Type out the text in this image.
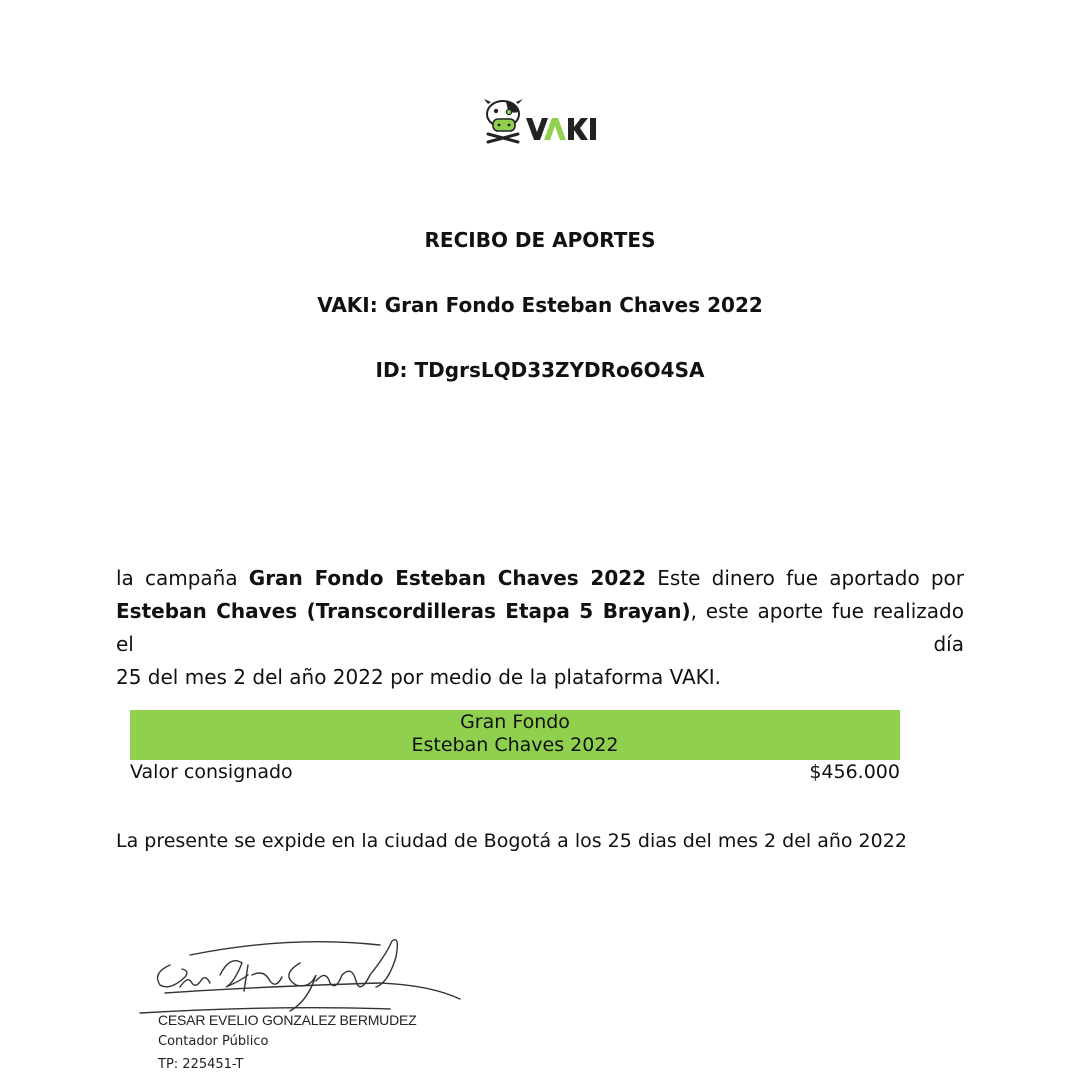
RECIBO DE APORTES
VAKI: Gran Fondo Esteban Chaves 2022
ID: TDgrsLQD33ZYDRo6O4SA
la campaña Gran Fondo Esteban Chaves 2022 Este dinero fue aportado por
Esteban Chaves (Transcordilleras Etapa 5 Brayan), este aporte fue realizado el día
25 del mes 2 del año 2022 por medio de la plataforma VAKI.
Gran Fondo
Esteban Chaves 2022
Valor consignado	$456.000
La presente se expide en la ciudad de Bogotá a los 25 dias del mes 2 del año 2022
CESAR EVELIO GONZALEZ BERMUDEZ
Contador Público
TP: 225451-T
